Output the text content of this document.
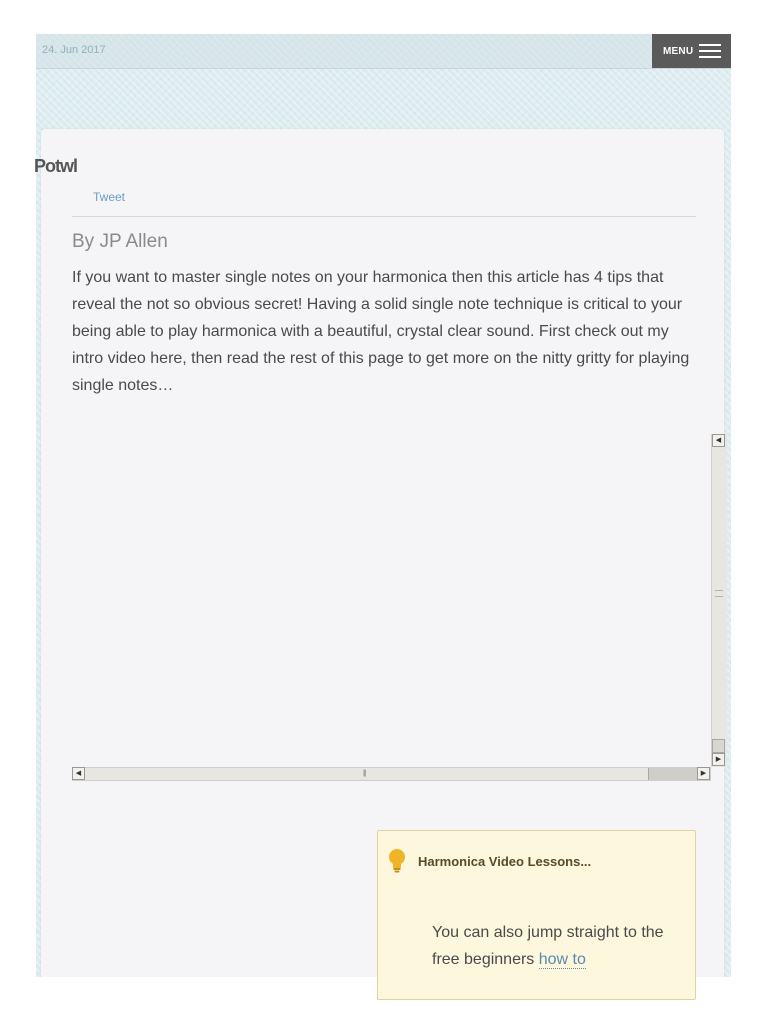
24. Jun 2017	MENU
Potwl
Tweet
By JP Allen

If you want to master single notes on your harmonica then this article has 4 tips that reveal the not so obvious secret! Having a solid single note technique is critical to your being able to play harmonica with a beautiful, crystal clear sound. First check out my intro video here, then read the rest of this page to get more on the nitty gritty for playing single notes…

◀
▶
◀	|||	▶
Harmonica Video Lessons...

You can also jump straight to the free beginners how to
